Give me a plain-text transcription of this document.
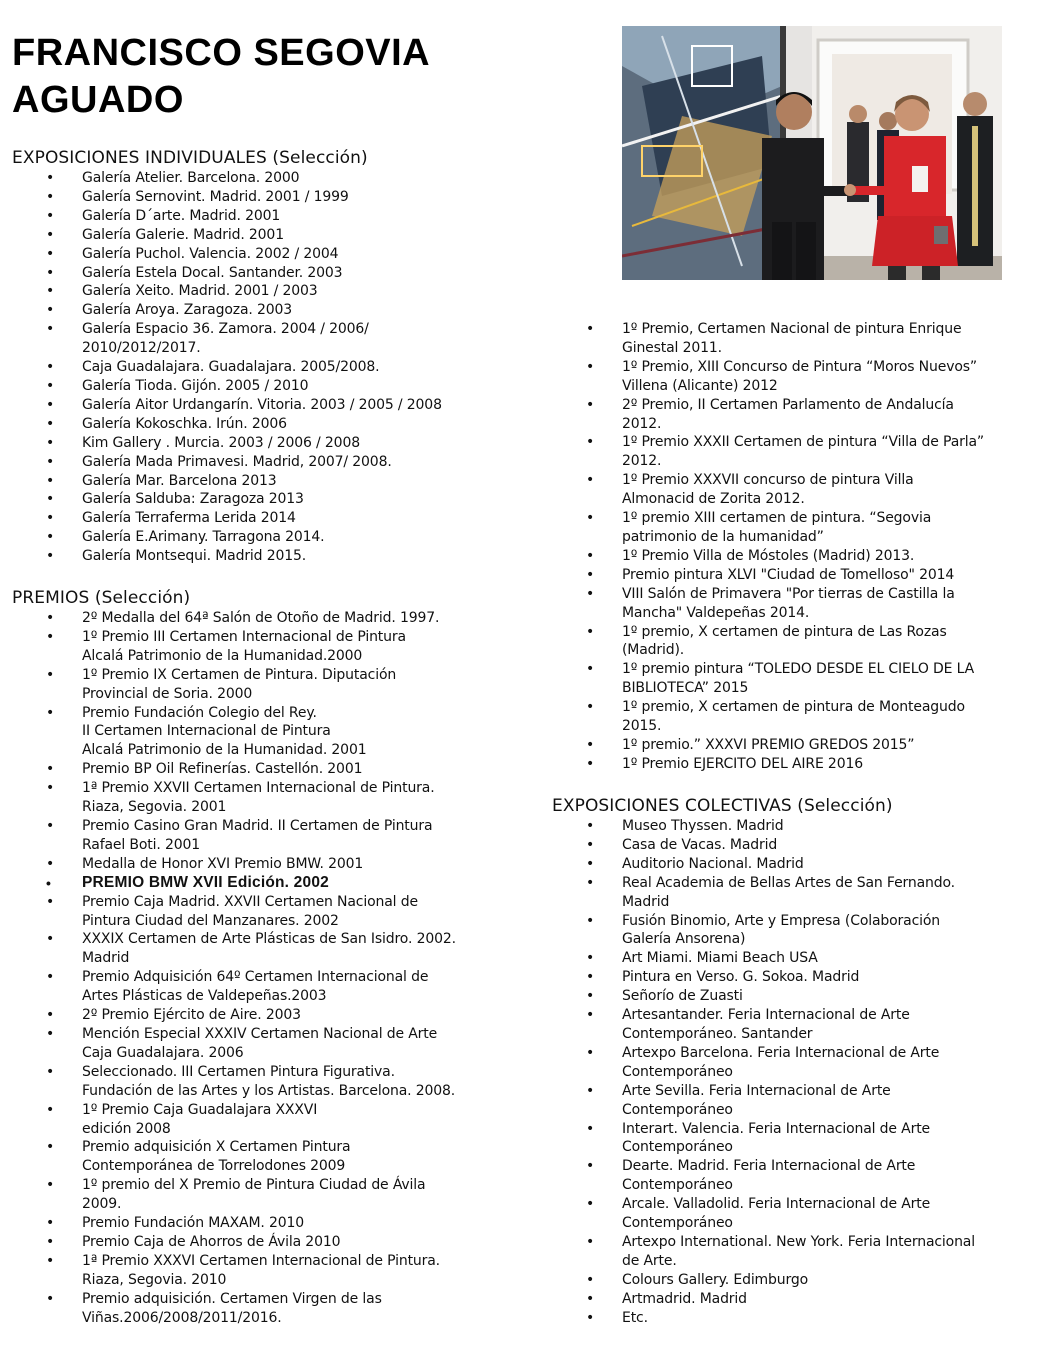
FRANCISCO SEGOVIA
AGUADO
EXPOSICIONES INDIVIDUALES (Selección)
• Galería Atelier. Barcelona. 2000
• Galería Sernovint. Madrid. 2001 / 1999
• Galería D´arte. Madrid. 2001
• Galería Galerie. Madrid. 2001
• Galería Puchol. Valencia. 2002 / 2004
• Galería Estela Docal. Santander. 2003
• Galería Xeito. Madrid. 2001 / 2003
• Galería Aroya. Zaragoza. 2003
• Galería Espacio 36. Zamora. 2004 / 2006/
2010/2012/2017.
• Caja Guadalajara. Guadalajara. 2005/2008.
• Galería Tioda. Gijón. 2005 / 2010
• Galería Aitor Urdangarín. Vitoria. 2003 / 2005 / 2008
• Galería Kokoschka. Irún. 2006
• Kim Gallery . Murcia. 2003 / 2006 / 2008
• Galería Mada Primavesi. Madrid, 2007/ 2008.
• Galería Mar. Barcelona 2013
• Galería Salduba: Zaragoza 2013
• Galería Terraferma Lerida 2014
• Galería E.Arimany. Tarragona 2014.
• Galería Montsequi. Madrid 2015.
PREMIOS (Selección)
• 2º Medalla del 64ª Salón de Otoño de Madrid. 1997.
• 1º Premio III Certamen Internacional de Pintura
Alcalá Patrimonio de la Humanidad.2000
• 1º Premio IX Certamen de Pintura. Diputación
Provincial de Soria. 2000
• Premio Fundación Colegio del Rey.
II Certamen Internacional de Pintura
Alcalá Patrimonio de la Humanidad. 2001
• Premio BP Oil Refinerías. Castellón. 2001
• 1ª Premio XXVII Certamen Internacional de Pintura.
Riaza, Segovia. 2001
• Premio Casino Gran Madrid. II Certamen de Pintura
Rafael Boti. 2001
• Medalla de Honor XVI Premio BMW. 2001
• PREMIO BMW XVII Edición. 2002
• Premio Caja Madrid. XXVII Certamen Nacional de
Pintura Ciudad del Manzanares. 2002
• XXXIX Certamen de Arte Plásticas de San Isidro. 2002.
Madrid
• Premio Adquisición 64º Certamen Internacional de
Artes Plásticas de Valdepeñas.2003
• 2º Premio Ejército de Aire. 2003
• Mención Especial XXXIV Certamen Nacional de Arte
Caja Guadalajara. 2006
• Seleccionado. III Certamen Pintura Figurativa.
Fundación de las Artes y los Artistas. Barcelona. 2008.
• 1º Premio Caja Guadalajara XXXVI
edición 2008
• Premio adquisición X Certamen Pintura
Contemporánea de Torrelodones 2009
• 1º premio del X Premio de Pintura Ciudad de Ávila
2009.
• Premio Fundación MAXAM. 2010
• Premio Caja de Ahorros de Ávila 2010
• 1ª Premio XXXVI Certamen Internacional de Pintura.
Riaza, Segovia. 2010
• Premio adquisición. Certamen Virgen de las
Viñas.2006/2008/2011/2016.
• 1º Premio, Certamen Nacional de pintura Enrique
Ginestal 2011.
• 1º Premio, XIII Concurso de Pintura “Moros Nuevos”
Villena (Alicante) 2012
• 2º Premio, II Certamen Parlamento de Andalucía
2012.
• 1º Premio XXXII Certamen de pintura “Villa de Parla”
2012.
• 1º Premio XXXVII concurso de pintura Villa
Almonacid de Zorita 2012.
• 1º premio XIII certamen de pintura. “Segovia
patrimonio de la humanidad”
• 1º Premio Villa de Móstoles (Madrid) 2013.
• Premio pintura XLVI "Ciudad de Tomelloso" 2014
• VIII Salón de Primavera "Por tierras de Castilla la
Mancha" Valdepeñas 2014.
• 1º premio, X certamen de pintura de Las Rozas
(Madrid).
• 1º premio pintura “TOLEDO DESDE EL CIELO DE LA
BIBLIOTECA” 2015
• 1º premio, X certamen de pintura de Monteagudo
2015.
• 1º premio.” XXXVI PREMIO GREDOS 2015”
• 1º Premio EJERCITO DEL AIRE 2016
EXPOSICIONES COLECTIVAS (Selección)
• Museo Thyssen. Madrid
• Casa de Vacas. Madrid
• Auditorio Nacional. Madrid
• Real Academia de Bellas Artes de San Fernando.
Madrid
• Fusión Binomio, Arte y Empresa (Colaboración
Galería Ansorena)
• Art Miami. Miami Beach USA
• Pintura en Verso. G. Sokoa. Madrid
• Señorío de Zuasti
• Artesantander. Feria Internacional de Arte
Contemporáneo. Santander
• Artexpo Barcelona. Feria Internacional de Arte
Contemporáneo
• Arte Sevilla. Feria Internacional de Arte
Contemporáneo
• Interart. Valencia. Feria Internacional de Arte
Contemporáneo
• Dearte. Madrid. Feria Internacional de Arte
Contemporáneo
• Arcale. Valladolid. Feria Internacional de Arte
Contemporáneo
• Artexpo International. New York. Feria Internacional
de Arte.
• Colours Gallery. Edimburgo
• Artmadrid. Madrid
• Etc.
